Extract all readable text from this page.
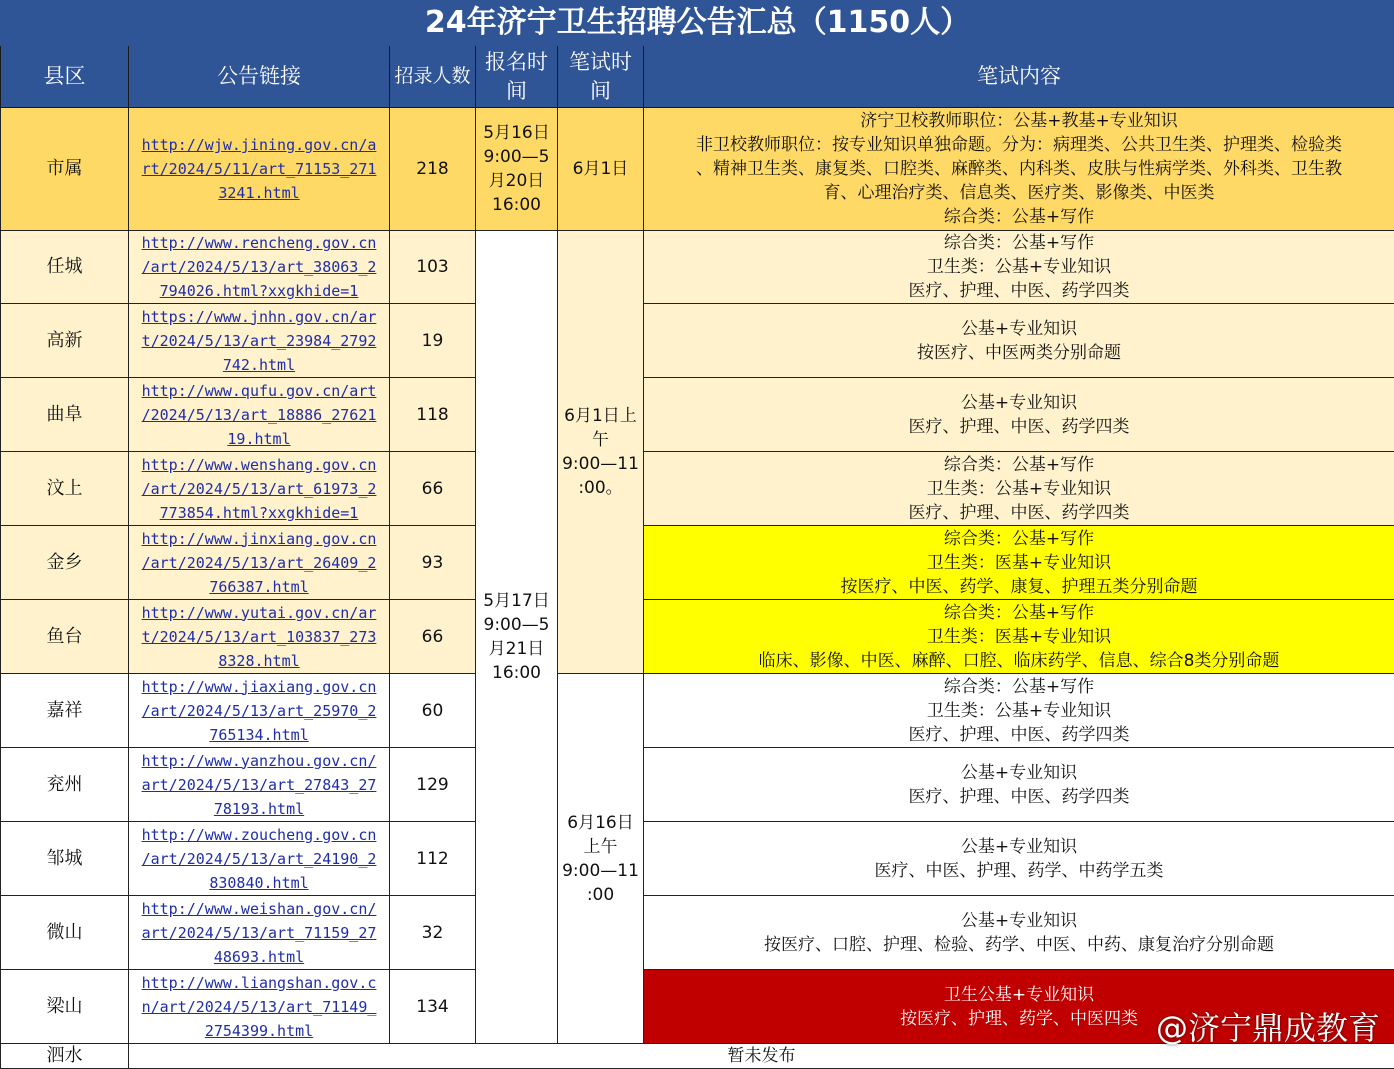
24年济宁卫生招聘公告汇总（1150人）					
县区	公告链接	招录人数	报名时
间	笔试时
间	笔试内容
市属	http://wjw.jining.gov.cn/a
rt/2024/5/11/art_71153_271
3241.html	218	5月16日
9:00—5
月20日
16:00	6月1日	济宁卫校教师职位：公基+教基+专业知识
非卫校教师职位：按专业知识单独命题。分为：病理类、公共卫生类、护理类、检验类
、精神卫生类、康复类、口腔类、麻醉类、内科类、皮肤与性病学类、外科类、卫生教
育、心理治疗类、信息类、医疗类、影像类、中医类
综合类：公基+写作

任城	http://www.rencheng.gov.cn
/art/2024/5/13/art_38063_2
794026.html?xxgkhide=1	103	5月17日
9:00—5
月21日
16:00	6月1日上
午
9:00—11
:00。	综合类：公基+写作
卫生类：公基+专业知识
医疗、护理、中医、药学四类

高新	https://www.jnhn.gov.cn/ar
t/2024/5/13/art_23984_2792
742.html	19			公基+专业知识
按医疗、中医两类分别命题

曲阜	http://www.qufu.gov.cn/art
/2024/5/13/art_18886_27621
19.html	118			公基+专业知识
医疗、护理、中医、药学四类

汶上	http://www.wenshang.gov.cn
/art/2024/5/13/art_61973_2
773854.html?xxgkhide=1	66			综合类：公基+写作
卫生类：公基+专业知识
医疗、护理、中医、药学四类

金乡	http://www.jinxiang.gov.cn
/art/2024/5/13/art_26409_2
766387.html	93			综合类：公基+写作
卫生类：医基+专业知识
按医疗、中医、药学、康复、护理五类分别命题

鱼台	http://www.yutai.gov.cn/ar
t/2024/5/13/art_103837_273
8328.html	66			综合类：公基+写作
卫生类：医基+专业知识
临床、影像、中医、麻醉、口腔、临床药学、信息、综合8类分别命题

嘉祥	http://www.jiaxiang.gov.cn
/art/2024/5/13/art_25970_2
765134.html	60		6月16日
上午
9:00—11
:00	综合类：公基+写作
卫生类：公基+专业知识
医疗、护理、中医、药学四类

兖州	http://www.yanzhou.gov.cn/
art/2024/5/13/art_27843_27
78193.html	129			公基+专业知识
医疗、护理、中医、药学四类

邹城	http://www.zoucheng.gov.cn
/art/2024/5/13/art_24190_2
830840.html	112			公基+专业知识
医疗、中医、护理、药学、中药学五类

微山	http://www.weishan.gov.cn/
art/2024/5/13/art_71159_27
48693.html	32			公基+专业知识
按医疗、口腔、护理、检验、药学、中医、中药、康复治疗分别命题

梁山	http://www.liangshan.gov.c
n/art/2024/5/13/art_71149_
2754399.html	134			卫生公基+专业知识
按医疗、护理、药学、中医四类

泗水	暂未发布				
@济宁鼎成教育
